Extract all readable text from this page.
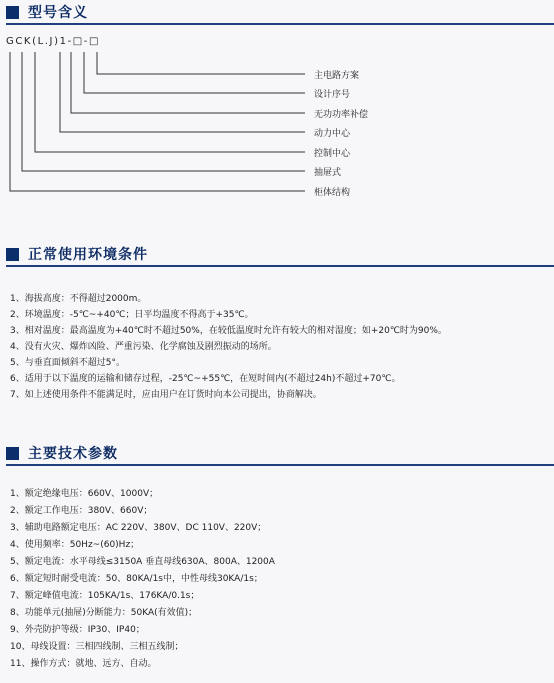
型号含义
GCK(L.J)1-□-□
主电路方案
设计序号
无功功率补偿
动力中心
控制中心
抽屉式
柜体结构
正常使用环境条件
1、海拔高度：不得超过2000m。
2、环境温度：-5℃~+40℃；日平均温度不得高于+35℃。
3、相对温度：最高温度为+40℃时不超过50%，在较低温度时允许有较大的相对湿度；如+20℃时为90%。
4、没有火灾、爆炸凶险、严重污染、化学腐蚀及剧烈振动的场所。
5、与垂直面倾斜不超过5°。
6、适用于以下温度的运输和储存过程，-25℃~+55℃，在短时间内(不超过24h)不超过+70℃。
7、如上述使用条件不能满足时，应由用户在订货时向本公司提出，协商解决。
主要技术参数
1、额定绝缘电压：660V、1000V；
2、额定工作电压：380V、660V；
3、辅助电路额定电压：AC 220V、380V、DC 110V、220V；
4、使用频率：50Hz~(60)Hz；
5、额定电流：水平母线≤3150A 垂直母线630A、800A、1200A
6、额定短时耐受电流：50、80KA/1s中，中性母线30KA/1s；
7、额定峰值电流：105KA/1s、176KA/0.1s；
8、功能单元(抽屉)分断能力：50KA(有效值)；
9、外壳防护等级：IP30、IP40；
10、母线设置：三相四线制、三相五线制；
11、操作方式：就地、远方、自动。
